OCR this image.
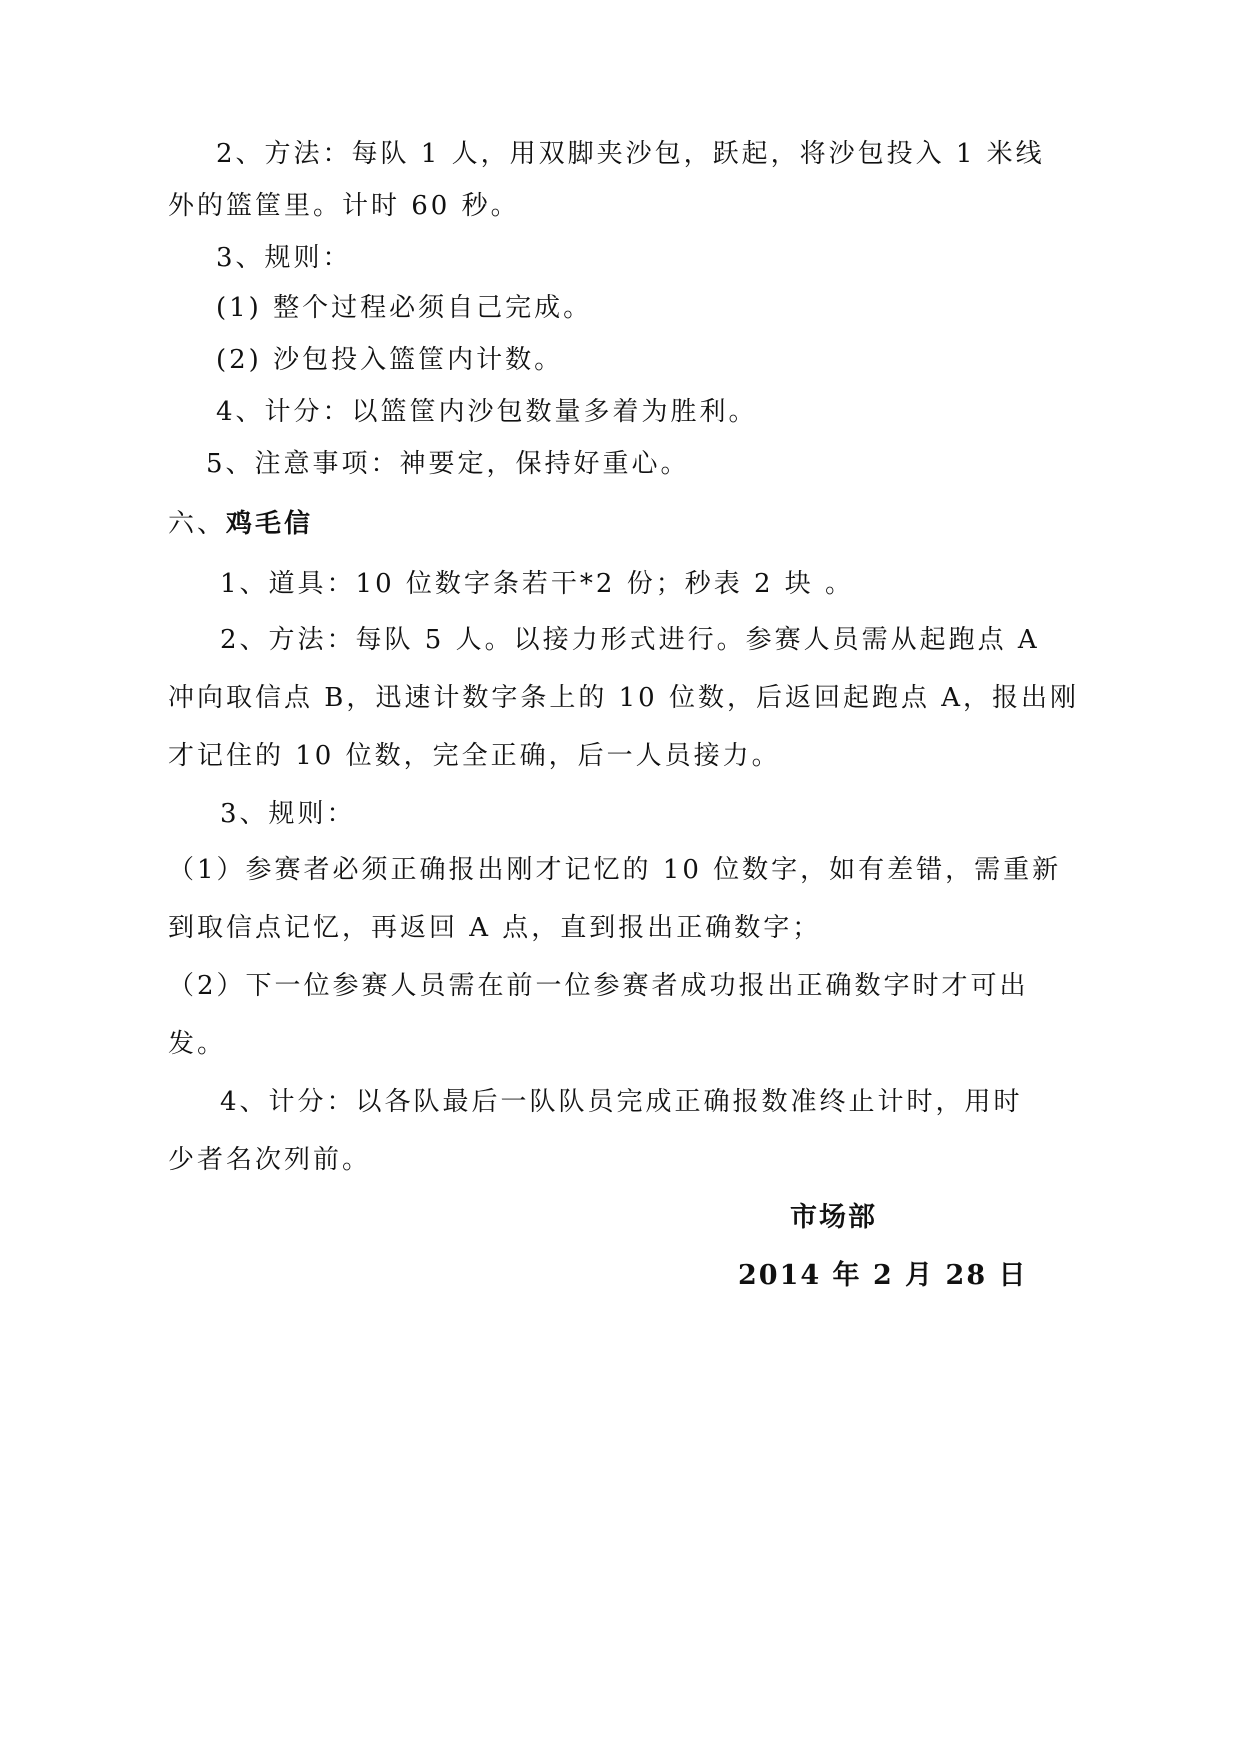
2、方法：每队 1 人，用双脚夹沙包，跃起，将沙包投入 1 米线
外的篮筐里。计时 60 秒。
3、规则：
(1) 整个过程必须自己完成。
(2) 沙包投入篮筐内计数。
4、计分：以篮筐内沙包数量多着为胜利。
5、注意事项：神要定，保持好重心。
六、鸡毛信
1、道具：10 位数字条若干*2 份；秒表 2 块 。
2、方法：每队 5 人。以接力形式进行。参赛人员需从起跑点 A
冲向取信点 B，迅速计数字条上的 10 位数，后返回起跑点 A，报出刚
才记住的 10 位数，完全正确，后一人员接力。
3、规则：
（1）参赛者必须正确报出刚才记忆的 10 位数字，如有差错，需重新
到取信点记忆，再返回 A 点，直到报出正确数字；
（2）下一位参赛人员需在前一位参赛者成功报出正确数字时才可出
发。
4、计分：以各队最后一队队员完成正确报数准终止计时，用时
少者名次列前。
市场部
2014 年 2 月 28 日
